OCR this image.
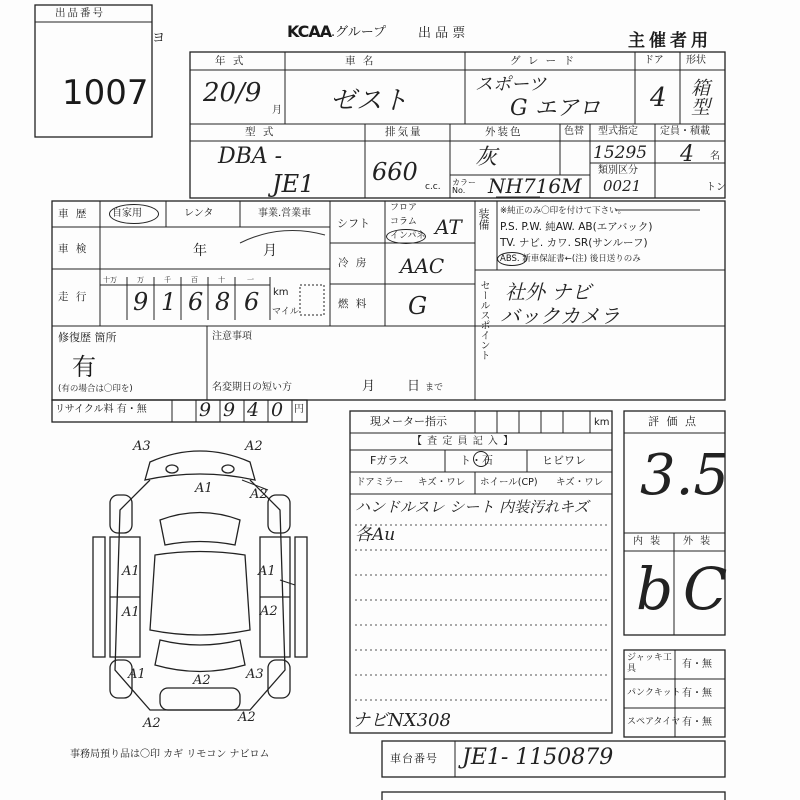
出品番号
1007
ヨ	KCAA .グループ 出 品 票	主催者用
年 式
20/9
月
車 名
ゼスト
グ レ ー ド
スポーツ
G エアロ
ドア
4
形状
箱型
型 式
DBA -
JE1
排気量
660
c.c.
外装色
灰
色替
カラーNo.	NH716M
型式指定
15295
類別区分
0021
定員・積載
4 名
トン
車 歴 自家用	レンタ	事業.営業車
車 検	年	月
走 行
十万	万	千	百	十	一
9 1 6 8 6 km
マイル
修復歴 箇所
有
(有の場合は〇印を)
注意事項
名変期日の短い方	月 日 まで
リサイクル料 有・無	9 9 4 0 円
シフト
フロア
コラム
インパネ AT
冷 房 AAC
燃 料 G
装備 ※純正のみ〇印を付けて下さい。
P.S. P.W. 純AW. AB(エアバック)
TV. ナビ. カワ. SR(サンルーフ)
ABS. 新車保証書←(注) 後日送りのみ
セールスポイント 社外 ナビ
バックカメラ
現メーター指示	km
【 査 定 員 記 入 】
Fガラス	ト・石	ヒビワレ
ドアミラー キズ・ワレ ホイール(CP) キズ・ワレ
ハンドルスレ シート 内装汚れキズ
各Au
ナビNX308
評 価 点
3.5
内 装 外 装
b C
ジャッキ工具	有・無
パンクキット 有・無
スペアタイヤ 有・無
事務局預り品は〇印 カギ リモコン ナビロム	車台番号 JE1- 1150879
A3	A2
A1	A2
A1
A1
A1
A2
A1	A2	A3
A2	A2
